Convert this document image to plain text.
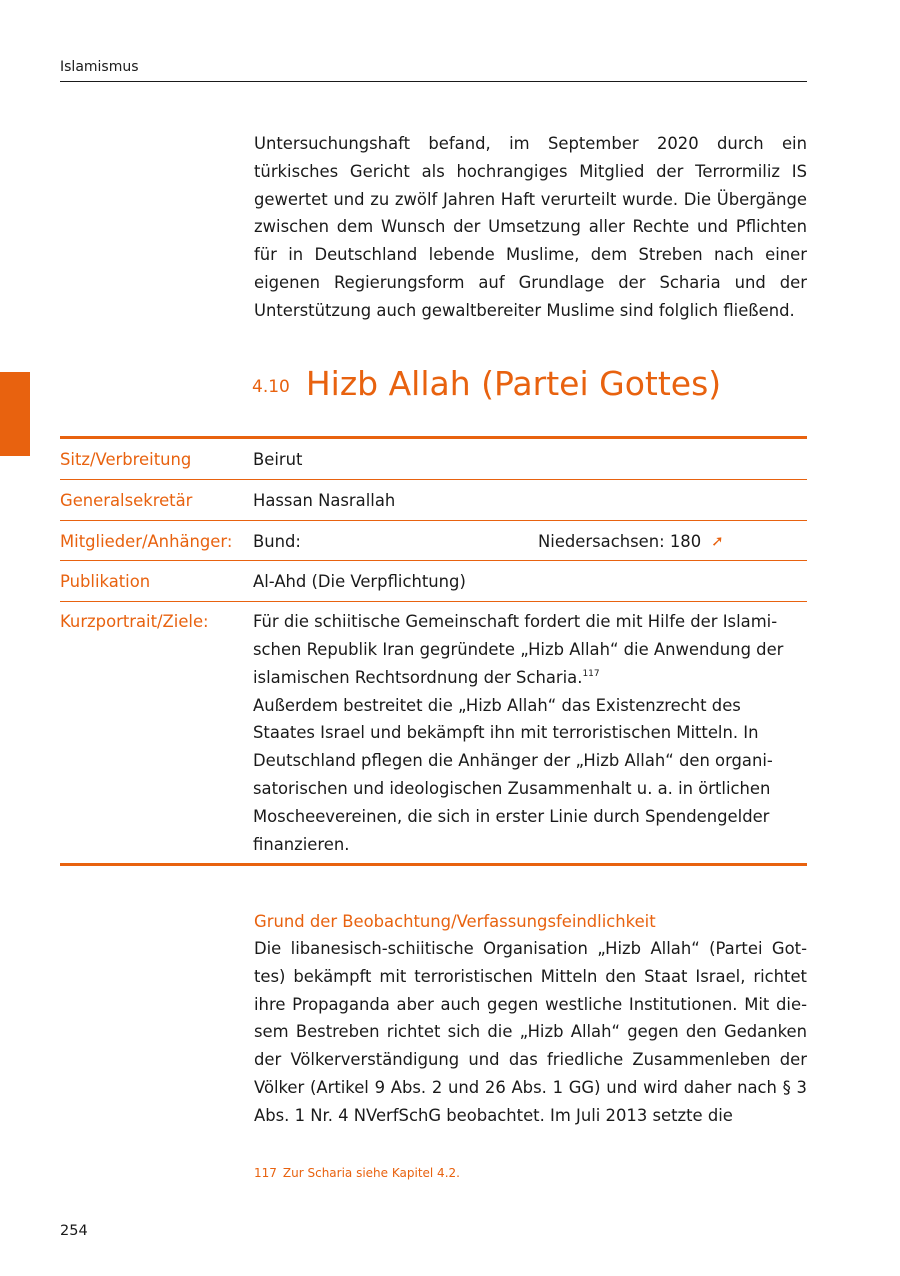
Islamismus

Untersuchungshaft befand, im September 2020 durch ein türkisches Gericht als hochrangiges Mitglied der Terrormiliz IS gewertet und zu zwölf Jahren Haft verurteilt wurde. Die Übergänge zwischen dem Wunsch der Umsetzung aller Rechte und Pflichten für in Deutschland lebende Muslime, dem Streben nach einer eigenen Regierungsform auf Grundlage der Scharia und der Unterstützung auch gewaltbereiter Muslime sind folglich fließend.

4.10 Hizb Allah (Partei Gottes)
Sitz/Verbreitung	Beirut
Generalsekretär	Hassan Nasrallah
Mitglieder/Anhänger:	Bund: Niedersachsen: 180 ➚

Publikation	Al-Ahd (Die Verpflichtung)
Kurzportrait/Ziele:	Für die schiitische Gemeinschaft fordert die mit Hilfe der Islamischen Republik Iran gegründete „Hizb Allah“ die Anwendung der islamischen Rechtsordnung der Scharia.$^{117}$
Außerdem bestreitet die „Hizb Allah“ das Existenzrecht des Staates Israel und bekämpft ihn mit terroristischen Mitteln. In Deutschland pflegen die Anhänger der „Hizb Allah“ den organisatorischen und ideologischen Zusammenhalt u. a. in örtlichen Moscheevereinen, die sich in erster Linie durch Spendengelder finanzieren.
Grund der Beobachtung/Verfassungsfeindlichkeit

Die libanesisch-schiitische Organisation „Hizb Allah“ (Partei Gottes) bekämpft mit terroristischen Mitteln den Staat Israel, richtet ihre Propaganda aber auch gegen westliche Institutionen. Mit diesem Bestreben richtet sich die „Hizb Allah“ gegen den Gedanken der Völkerverständigung und das friedliche Zusammenleben der Völker (Artikel 9 Abs. 2 und 26 Abs. 1 GG) und wird daher nach § 3 Abs. 1 Nr. 4 NVerfSchG beobachtet. Im Juli 2013 setzte die

117 Zur Scharia siehe Kapitel 4.2.
254
